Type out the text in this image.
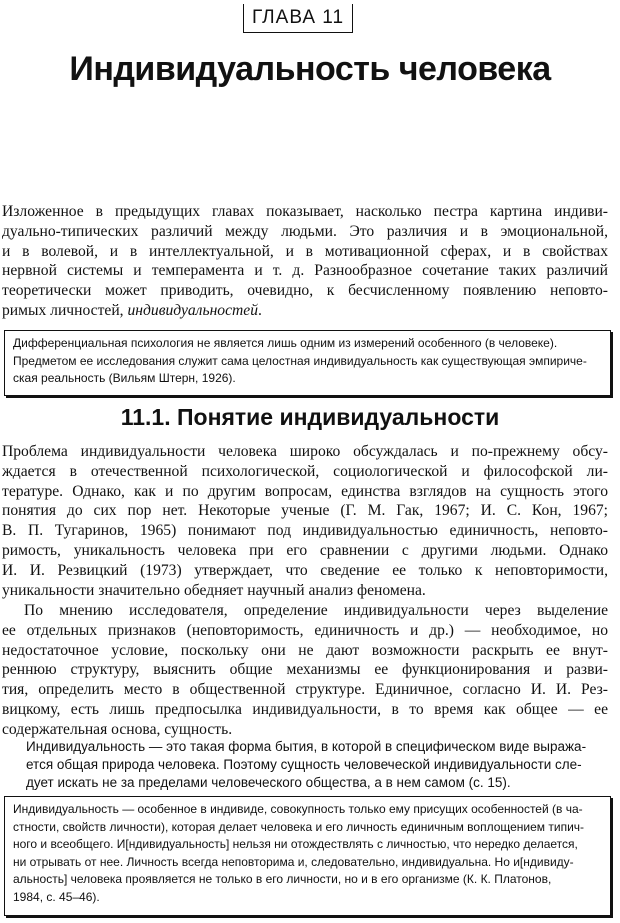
ГЛАВА 11
Индивидуальность человека
Изложенное в предыдущих главах показывает, насколько пестра картина индиви-
дуально-типических различий между людьми. Это различия и в эмоциональной,
и в волевой, и в интеллектуальной, и в мотивационной сферах, и в свойствах
нервной системы и темперамента и т. д. Разнообразное сочетание таких различий
теоретически может приводить, очевидно, к бесчисленному появлению неповто-
римых личностей, индивидуальностей.
Дифференциальная психология не является лишь одним из измерений особенного (в человеке).
Предметом ее исследования служит сама целостная индивидуальность как существующая эмпириче-
ская реальность (Вильям Штерн, 1926).
11.1. Понятие индивидуальности
Проблема индивидуальности человека широко обсуждалась и по-прежнему обсу-
ждается в отечественной психологической, социологической и философской ли-
тературе. Однако, как и по другим вопросам, единства взглядов на сущность этого
понятия до сих пор нет. Некоторые ученые (Г. М. Гак, 1967; И. С. Кон, 1967;
В. П. Тугаринов, 1965) понимают под индивидуальностью единичность, неповто-
римость, уникальность человека при его сравнении с другими людьми. Однако
И. И. Резвицкий (1973) утверждает, что сведение ее только к неповторимости,
уникальности значительно обедняет научный анализ феномена.
По мнению исследователя, определение индивидуальности через выделение
ее отдельных признаков (неповторимость, единичность и др.) — необходимое, но
недостаточное условие, поскольку они не дают возможности раскрыть ее внут-
реннюю структуру, выяснить общие механизмы ее функционирования и разви-
тия, определить место в общественной структуре. Единичное, согласно И. И. Рез-
вицкому, есть лишь предпосылка индивидуальности, в то время как общее — ее
содержательная основа, сущность.
Индивидуальность — это такая форма бытия, в которой в специфическом виде выража-
ется общая природа человека. Поэтому сущность человеческой индивидуальности сле-
дует искать не за пределами человеческого общества, а в нем самом (с. 15).
Индивидуальность — особенное в индивиде, совокупность только ему присущих особенностей (в ча-
стности, свойств личности), которая делает человека и его личность единичным воплощением типич-
ного и всеобщего. И[ндивидуальность] нельзя ни отождествлять с личностью, что нередко делается,
ни отрывать от нее. Личность всегда неповторима и, следовательно, индивидуальна. Но и[ндивиду-
альность] человека проявляется не только в его личности, но и в его организме (К. К. Платонов,
1984, с. 45–46).
